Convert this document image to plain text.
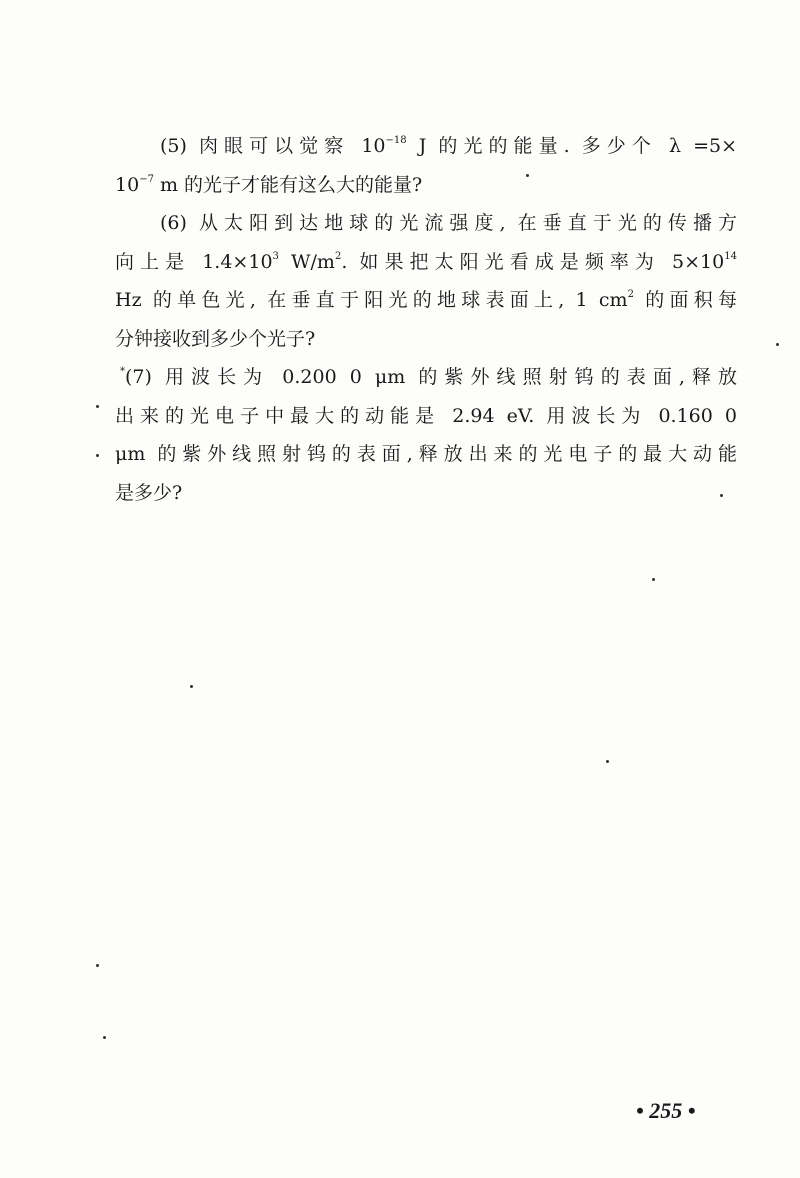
(5) 肉眼可以觉察 $10^{-18}$ J 的光的能量. 多少个 λ =5×
$10^{-7}$ m 的光子才能有这么大的能量?
(6) 从太阳到达地球的光流强度, 在垂直于光的传播方
向上是 $1.4\times 10^3$ $W/m^2$. 如果把太阳光看成是频率为 $5\times 10^{14}$
Hz 的单色光, 在垂直于阳光的地球表面上, 1 $cm^2$ 的面积每
分钟接收到多少个光子?
*(7) 用波长为 0.200 0 μm 的紫外线照射钨的表面,释放
出来的光电子中最大的动能是 2.94 eV. 用波长为 0.160 0
μm 的紫外线照射钨的表面,释放出来的光电子的最大动能
是多少?
• 255 •
